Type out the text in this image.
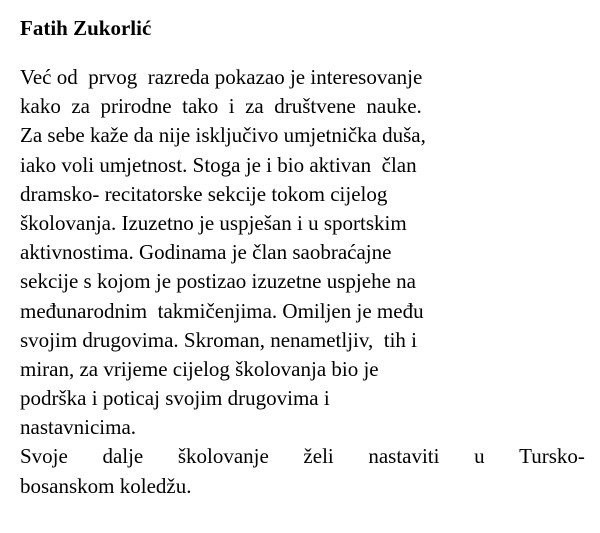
Fatih Zukorlić
Već od  prvog  razreda pokazao je interesovanje
kako  za  prirodne  tako  i  za  društvene  nauke.
Za sebe kaže da nije isključivo umjetnička duša,
iako voli umjetnost. Stoga je i bio aktivan  član
dramsko- recitatorske sekcije tokom cijelog
školovanja. Izuzetno je uspješan i u sportskim
aktivnostima. Godinama je član saobraćajne
sekcije s kojom je postizao izuzetne uspjehe na
međunarodnim  takmičenjima. Omiljen je među
svojim drugovima. Skroman, nenametljiv,  tih i
miran, za vrijeme cijelog školovanja bio je
podrška i poticaj svojim drugovima i
nastavnicima.
Svoje dalje školovanje želi nastaviti u Tursko-
bosanskom koledžu.
